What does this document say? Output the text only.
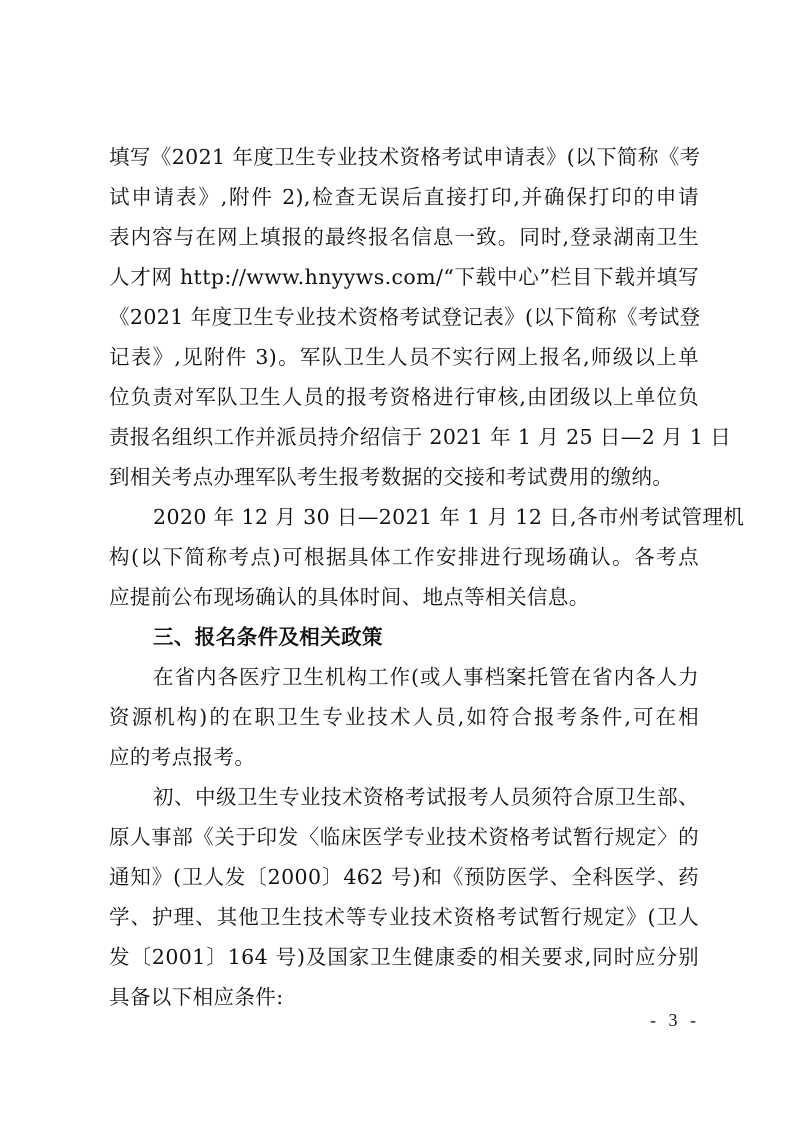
填写《2021 年度卫生专业技术资格考试申请表》(以下简称《考
试申请表》,附件 2),检查无误后直接打印,并确保打印的申请
表内容与在网上填报的最终报名信息一致。同时,登录湖南卫生
人才网 http://www.hnyyws.com/“下载中心”栏目下载并填写
《2021 年度卫生专业技术资格考试登记表》(以下简称《考试登
记表》,见附件 3)。军队卫生人员不实行网上报名,师级以上单
位负责对军队卫生人员的报考资格进行审核,由团级以上单位负
责报名组织工作并派员持介绍信于 2021 年 1 月 25 日—2 月 1 日
到相关考点办理军队考生报考数据的交接和考试费用的缴纳。
2020 年 12 月 30 日—2021 年 1 月 12 日,各市州考试管理机
构(以下简称考点)可根据具体工作安排进行现场确认。各考点
应提前公布现场确认的具体时间、地点等相关信息。
三、报名条件及相关政策
在省内各医疗卫生机构工作(或人事档案托管在省内各人力
资源机构)的在职卫生专业技术人员,如符合报考条件,可在相
应的考点报考。
初、中级卫生专业技术资格考试报考人员须符合原卫生部、
原人事部《关于印发〈临床医学专业技术资格考试暂行规定〉的
通知》(卫人发〔2000〕462 号)和《预防医学、全科医学、药
学、护理、其他卫生技术等专业技术资格考试暂行规定》(卫人
发〔2001〕164 号)及国家卫生健康委的相关要求,同时应分别
具备以下相应条件:
- 3 -
